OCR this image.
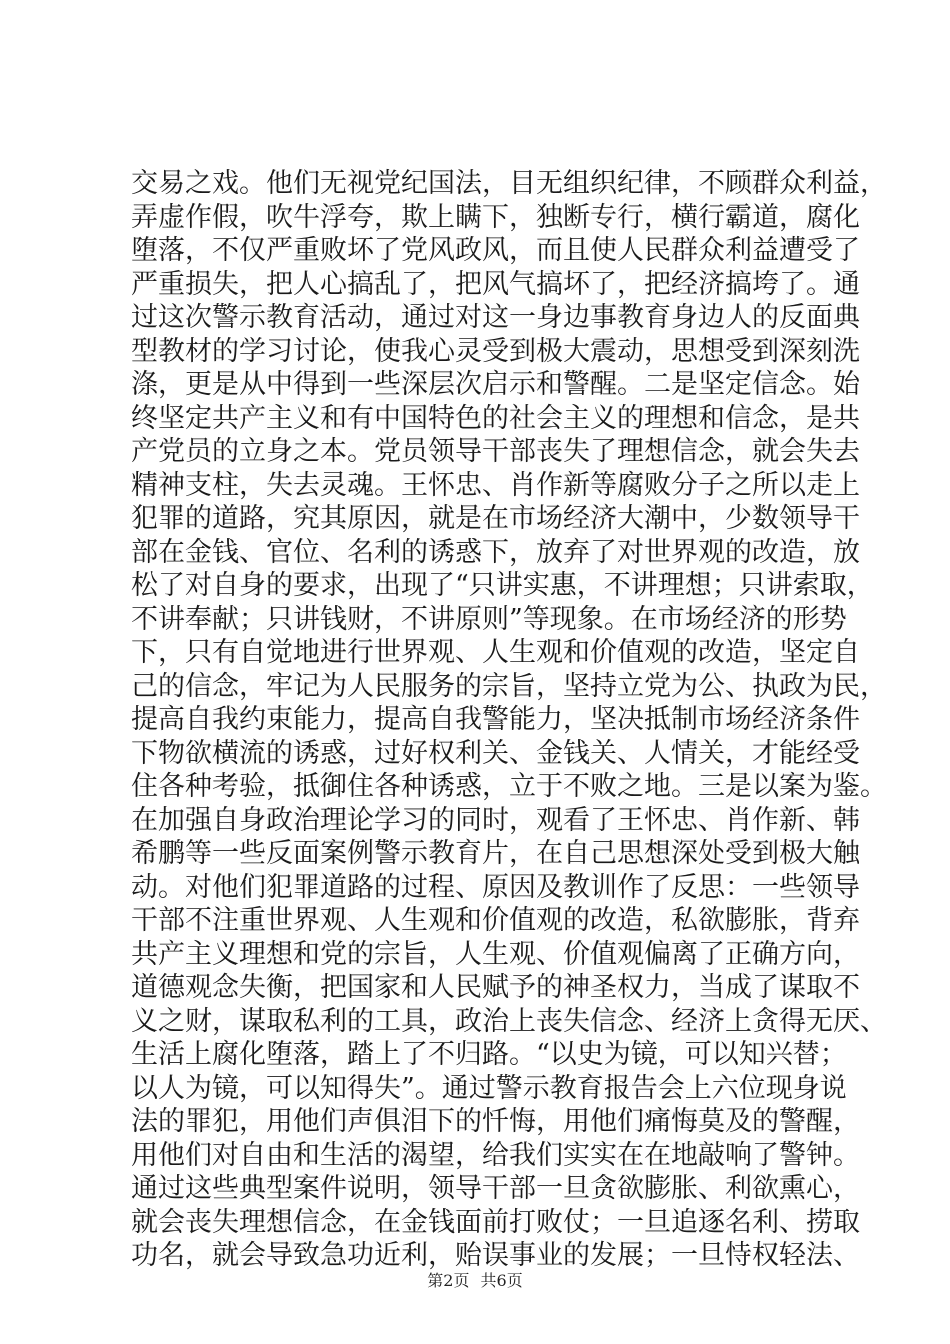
交易之戏。他们无视党纪国法，目无组织纪律，不顾群众利益，
弄虚作假，吹牛浮夸，欺上瞒下，独断专行，横行霸道，腐化
堕落，不仅严重败坏了党风政风，而且使人民群众利益遭受了
严重损失，把人心搞乱了，把风气搞坏了，把经济搞垮了。通
过这次警示教育活动，通过对这一身边事教育身边人的反面典
型教材的学习讨论，使我心灵受到极大震动，思想受到深刻洗
涤，更是从中得到一些深层次启示和警醒。二是坚定信念。始
终坚定共产主义和有中国特色的社会主义的理想和信念，是共
产党员的立身之本。党员领导干部丧失了理想信念，就会失去
精神支柱，失去灵魂。王怀忠、肖作新等腐败分子之所以走上
犯罪的道路，究其原因，就是在市场经济大潮中，少数领导干
部在金钱、官位、名利的诱惑下，放弃了对世界观的改造，放
松了对自身的要求，出现了“只讲实惠，不讲理想；只讲索取，
不讲奉献；只讲钱财，不讲原则”等现象。在市场经济的形势
下，只有自觉地进行世界观、人生观和价值观的改造，坚定自
己的信念，牢记为人民服务的宗旨，坚持立党为公、执政为民，
提高自我约束能力，提高自我警能力，坚决抵制市场经济条件
下物欲横流的诱惑，过好权利关、金钱关、人情关，才能经受
住各种考验，抵御住各种诱惑，立于不败之地。三是以案为鉴。
在加强自身政治理论学习的同时，观看了王怀忠、肖作新、韩
希鹏等一些反面案例警示教育片，在自己思想深处受到极大触
动。对他们犯罪道路的过程、原因及教训作了反思：一些领导
干部不注重世界观、人生观和价值观的改造，私欲膨胀，背弃
共产主义理想和党的宗旨，人生观、价值观偏离了正确方向，
道德观念失衡，把国家和人民赋予的神圣权力，当成了谋取不
义之财，谋取私利的工具，政治上丧失信念、经济上贪得无厌、
生活上腐化堕落，踏上了不归路。“以史为镜，可以知兴替；
以人为镜，可以知得失”。通过警示教育报告会上六位现身说
法的罪犯，用他们声俱泪下的忏悔，用他们痛悔莫及的警醒，
用他们对自由和生活的渴望，给我们实实在在地敲响了警钟。
通过这些典型案件说明，领导干部一旦贪欲膨胀、利欲熏心，
就会丧失理想信念，在金钱面前打败仗；一旦追逐名利、捞取
功名，就会导致急功近利，贻误事业的发展；一旦恃权轻法、
第2页 共6页
